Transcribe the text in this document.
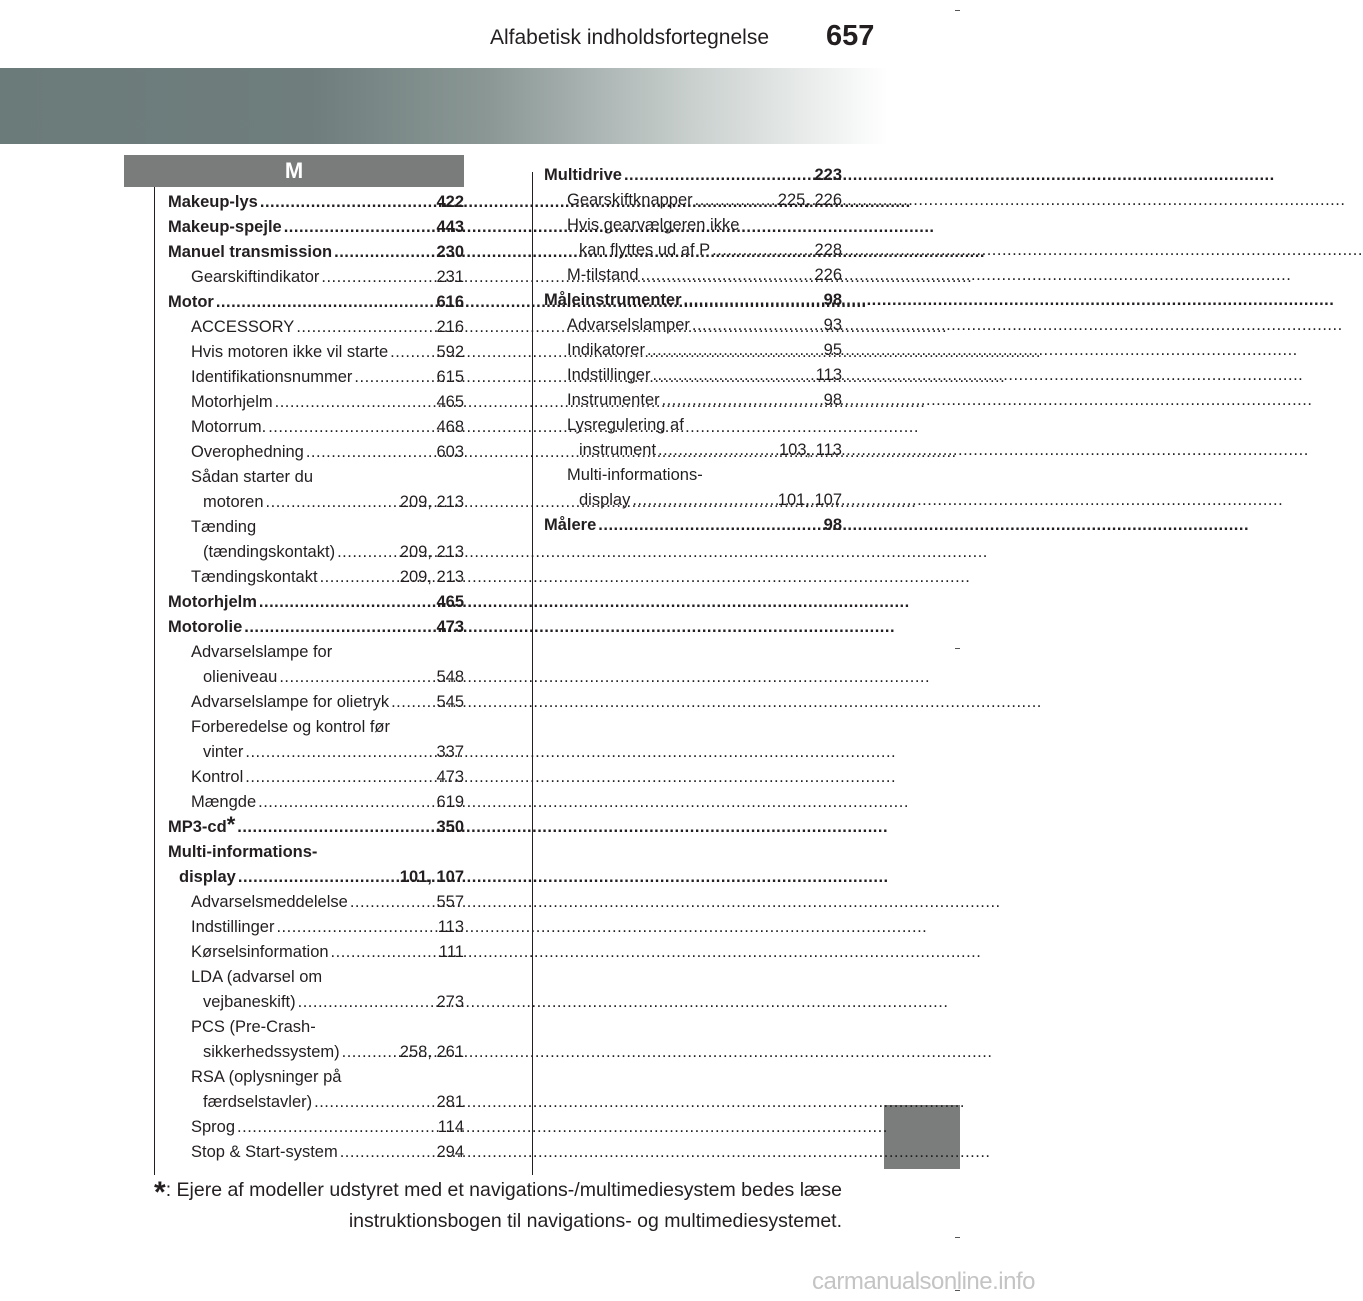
Alfabetisk indholdsfortegnelse 657
M
Makeup-lys .....	422
Makeup-spejle .....	443
Manuel transmission .....	230
Gearskiftindikator .....	231
Motor .....	616
ACCESSORY .....	216
Hvis motoren ikke vil starte .....	592
Identifikationsnummer .....	615
Motorhjelm .....	465
Motorrum. .....	468
Overophedning .....	603
Sådan starter du
motoren .....	209, 213
Tænding
(tændingskontakt) .....	209, 213
Tændingskontakt .....	209, 213
Motorhjelm .....	465
Motorolie .....	473
Advarselslampe for
olieniveau .....	548
Advarselslampe for olietryk .....	545
Forberedelse og kontrol før
vinter .....	337
Kontrol .....	473
Mængde .....	619
MP3-cd * .....	350
Multi-informations-
display .....	101, 107
Advarselsmeddelelse .....	557
Indstillinger .....	113
Kørselsinformation .....	111
LDA (advarsel om
vejbaneskift) .....	273
PCS (Pre-Crash-
sikkerhedssystem) .....	258, 261
RSA (oplysninger på
færdselstavler) .....	281
Sprog .....	114
Stop & Start-system .....	294
Multidrive .....	223
Gearskiftknapper .....	225, 226
Hvis gearvælgeren ikke
kan flyttes ud af P .....	228
M-tilstand .....	226
Måleinstrumenter .....	98
Advarselslamper .....	93
Indikatorer .....	95
Indstillinger .....	113
Instrumenter .....	98
Lysregulering af
instrument .....	103, 113
Multi-informations-
display .....	101, 107
Målere .....	98
*: Ejere af modeller udstyret med et navigations-/multimediesystem bedes læse
instruktionsbogen til navigations- og multimediesystemet.
carmanualsonline.info
